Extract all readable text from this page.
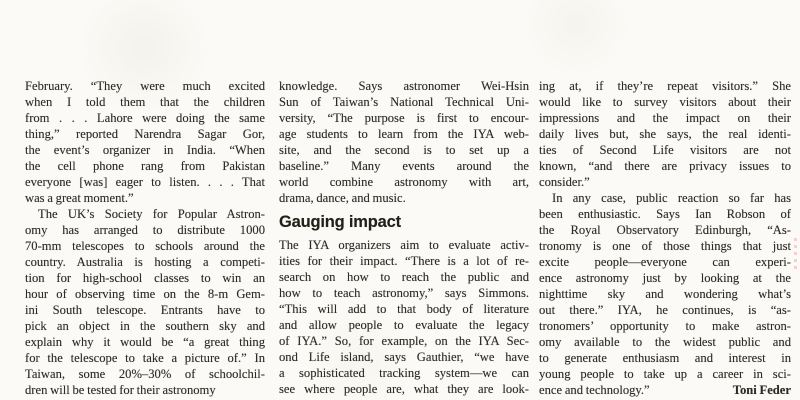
February. “They were much excited
when I told them that the children
from . . . Lahore were doing the same
thing,” reported Narendra Sagar Gor,
the event’s organizer in India. “When
the cell phone rang from Pakistan
everyone [was] eager to listen. . . . That
was a great moment.”
The UK’s Society for Popular Astron-
omy has arranged to distribute 1000
70-mm telescopes to schools around the
country. Australia is hosting a competi-
tion for high-school classes to win an
hour of observing time on the 8-m Gem-
ini South telescope. Entrants have to
pick an object in the southern sky and
explain why it would be “a great thing
for the telescope to take a picture of.” In
Taiwan, some 20%–30% of schoolchil-
dren will be tested for their astronomy
knowledge. Says astronomer Wei-Hsin
Sun of Taiwan’s National Technical Uni-
versity, “The purpose is first to encour-
age students to learn from the IYA web-
site, and the second is to set up a
baseline.” Many events around the
world combine astronomy with art,
drama, dance, and music.
Gauging impact
The IYA organizers aim to evaluate activ-
ities for their impact. “There is a lot of re-
search on how to reach the public and
how to teach astronomy,” says Simmons.
“This will add to that body of literature
and allow people to evaluate the legacy
of IYA.” So, for example, on the IYA Sec-
ond Life island, says Gauthier, “we have
a sophisticated tracking system—we can
see where people are, what they are look-
ing at, if they’re repeat visitors.” She
would like to survey visitors about their
impressions and the impact on their
daily lives but, she says, the real identi-
ties of Second Life visitors are not
known, “and there are privacy issues to
consider.”
In any case, public reaction so far has
been enthusiastic. Says Ian Robson of
the Royal Observatory Edinburgh, “As-
tronomy is one of those things that just
excite people—everyone can experi-
ence astronomy just by looking at the
nighttime sky and wondering what’s
out there.” IYA, he continues, is “as-
tronomers’ opportunity to make astron-
omy available to the widest public and
to generate enthusiasm and interest in
young people to take up a career in sci-
ence and technology.”	Toni Feder
